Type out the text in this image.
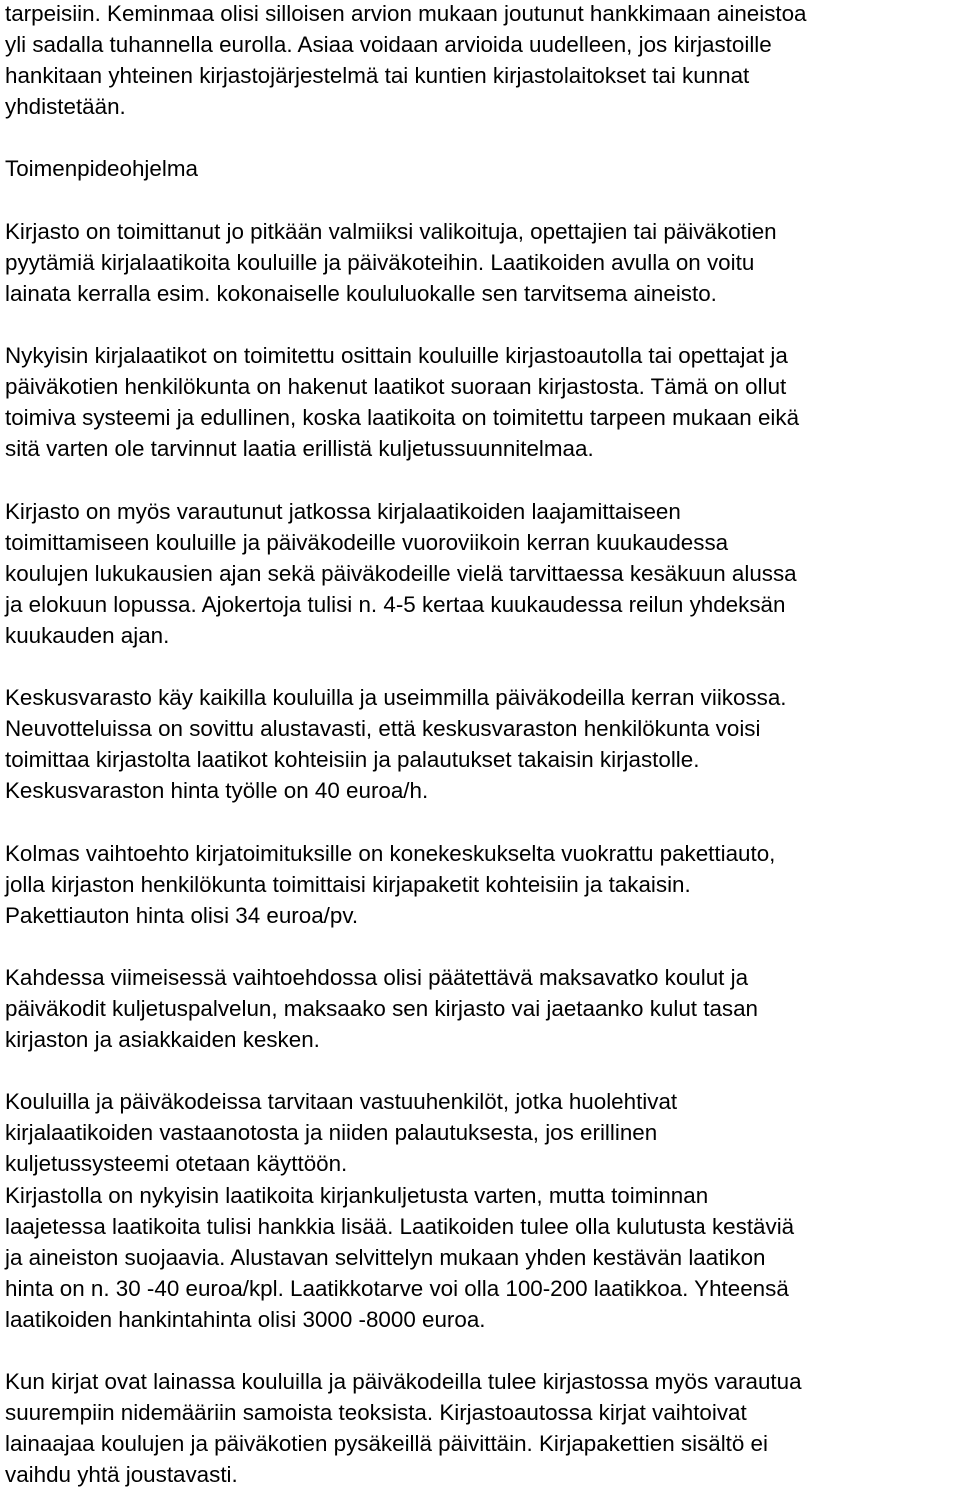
tarpeisiin. Keminmaa olisi silloisen arvion mukaan joutunut hankkimaan aineistoa
yli sadalla tuhannella eurolla. Asiaa voidaan arvioida uudelleen, jos kirjastoille
hankitaan yhteinen kirjastojärjestelmä tai kuntien kirjastolaitokset tai kunnat
yhdistetään.

Toimenpideohjelma

Kirjasto on toimittanut jo pitkään valmiiksi valikoituja, opettajien tai päiväkotien
pyytämiä kirjalaatikoita kouluille ja päiväkoteihin. Laatikoiden avulla on voitu
lainata kerralla esim. kokonaiselle koululuokalle sen tarvitsema aineisto.

Nykyisin kirjalaatikot on toimitettu osittain kouluille kirjastoautolla tai opettajat ja
päiväkotien henkilökunta on hakenut laatikot suoraan kirjastosta. Tämä on ollut
toimiva systeemi ja edullinen, koska laatikoita on toimitettu tarpeen mukaan eikä
sitä varten ole tarvinnut laatia erillistä kuljetussuunnitelmaa.

Kirjasto on myös varautunut jatkossa kirjalaatikoiden laajamittaiseen
toimittamiseen kouluille ja päiväkodeille vuoroviikoin kerran kuukaudessa
koulujen lukukausien ajan sekä päiväkodeille vielä tarvittaessa kesäkuun alussa
ja elokuun lopussa. Ajokertoja tulisi n. 4-5 kertaa kuukaudessa reilun yhdeksän
kuukauden ajan.

Keskusvarasto käy kaikilla kouluilla ja useimmilla päiväkodeilla kerran viikossa.
Neuvotteluissa on sovittu alustavasti, että keskusvaraston henkilökunta voisi
toimittaa kirjastolta laatikot kohteisiin ja palautukset takaisin kirjastolle.
Keskusvaraston hinta työlle on 40 euroa/h.

Kolmas vaihtoehto kirjatoimituksille on konekeskukselta vuokrattu pakettiauto,
jolla kirjaston henkilökunta toimittaisi kirjapaketit kohteisiin ja takaisin.
Pakettiauton hinta olisi 34 euroa/pv.

Kahdessa viimeisessä vaihtoehdossa olisi päätettävä maksavatko koulut ja
päiväkodit kuljetuspalvelun, maksaako sen kirjasto vai jaetaanko kulut tasan
kirjaston ja asiakkaiden kesken.

Kouluilla ja päiväkodeissa tarvitaan vastuuhenkilöt, jotka huolehtivat
kirjalaatikoiden vastaanotosta ja niiden palautuksesta, jos erillinen
kuljetussysteemi otetaan käyttöön.
Kirjastolla on nykyisin laatikoita kirjankuljetusta varten, mutta toiminnan
laajetessa laatikoita tulisi hankkia lisää. Laatikoiden tulee olla kulutusta kestäviä
ja aineiston suojaavia. Alustavan selvittelyn mukaan yhden kestävän laatikon
hinta on n. 30 -40 euroa/kpl. Laatikkotarve voi olla 100-200 laatikkoa. Yhteensä
laatikoiden hankintahinta olisi 3000 -8000 euroa.

Kun kirjat ovat lainassa kouluilla ja päiväkodeilla tulee kirjastossa myös varautua
suurempiin nidemääriin samoista teoksista. Kirjastoautossa kirjat vaihtoivat
lainaajaa koulujen ja päiväkotien pysäkeillä päivittäin. Kirjapakettien sisältö ei
vaihdu yhtä joustavasti.
